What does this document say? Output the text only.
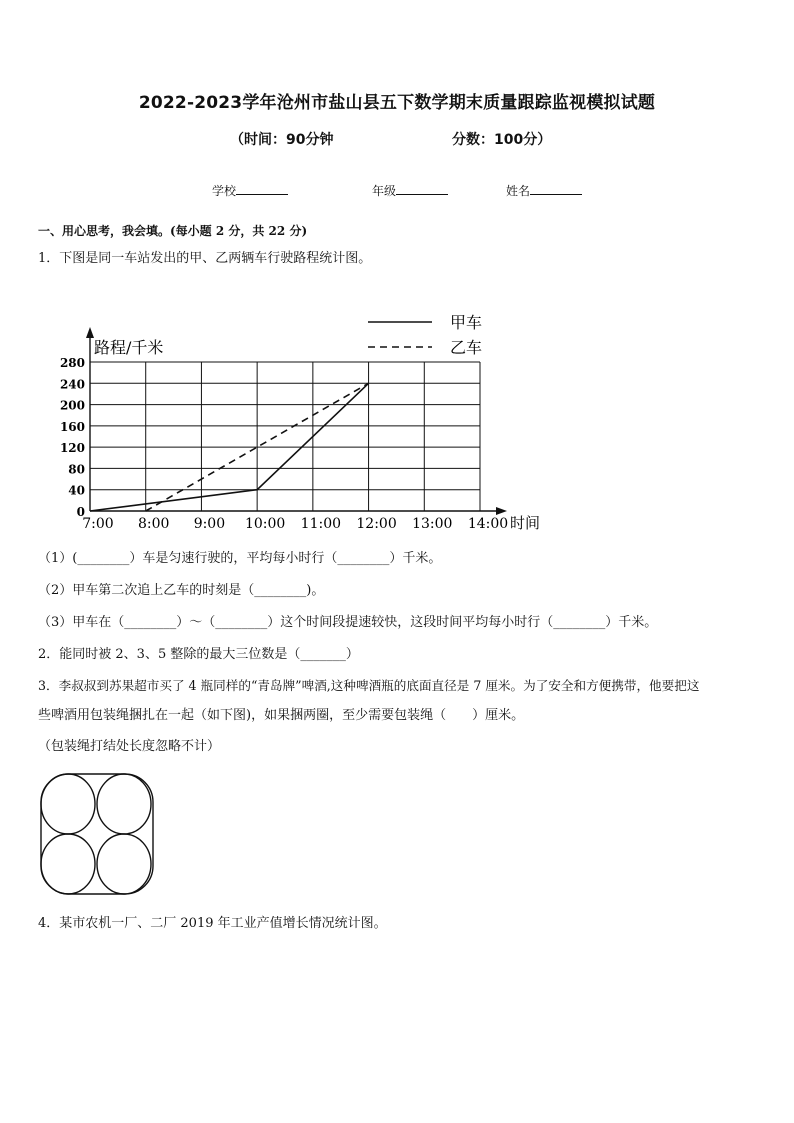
2022-2023学年沧州市盐山县五下数学期末质量跟踪监视模拟试题
（时间：90分钟	分数：100分）
学校	年级	姓名
一、用心思考，我会填。(每小题 2 分，共 22 分)
1．下图是同一车站发出的甲、乙两辆车行驶路程统计图。
0
40
80
120
160
200
240
280
7:00 8:00 9:00 10:00 11:00 12:00 13:00 14:00
甲车
乙车
路程/千米
时间
（1）(________）车是匀速行驶的，平均每小时行（________）千米。
（2）甲车第二次追上乙车的时刻是（________)。
（3）甲车在（________）～（________）这个时间段提速较快，这段时间平均每小时行（________）千米。
2．能同时被 2、3、5 整除的最大三位数是（_______）
3．李叔叔到苏果超市买了 4 瓶同样的“青岛牌”啤酒,这种啤酒瓶的底面直径是 7 厘米。为了安全和方便携带，他要把这
些啤酒用包装绳捆扎在一起（如下图)，如果捆两圈，至少需要包装绳（　　）厘米。
（包装绳打结处长度忽略不计）
4．某市农机一厂、二厂 2019 年工业产值增长情况统计图。
